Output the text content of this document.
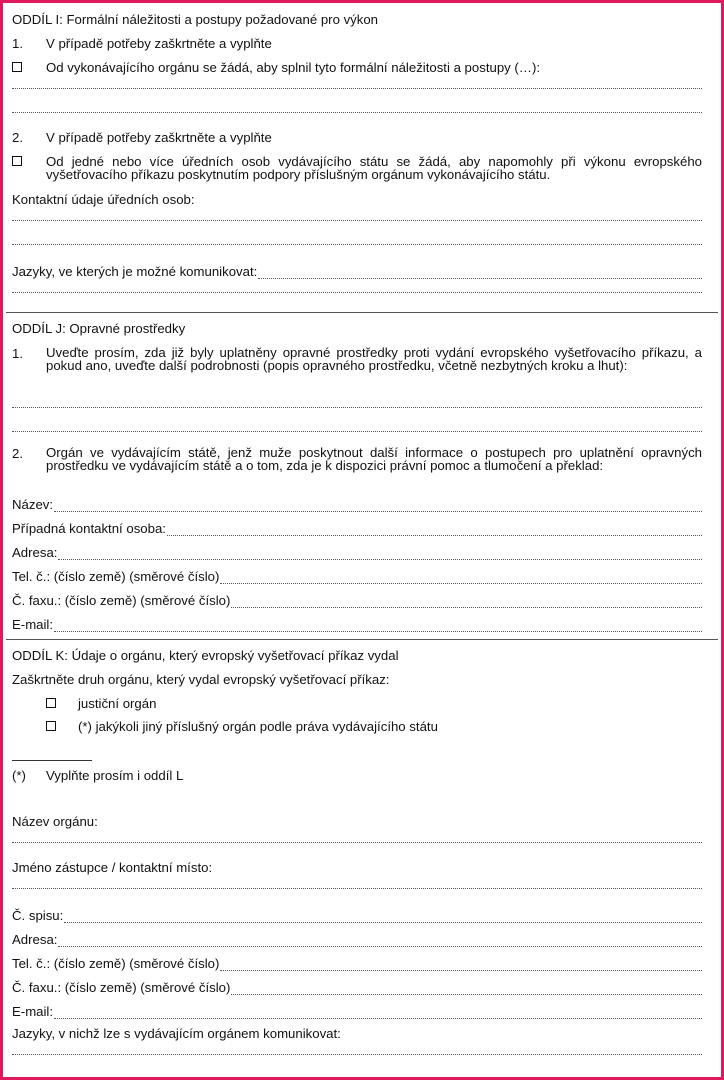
ODDÍL I: Formální náležitosti a postupy požadované pro výkon
1. V případě potřeby zaškrtněte a vyplňte
Od vykonávajícího orgánu se žádá, aby splnil tyto formální náležitosti a postupy (…):
2. V případě potřeby zaškrtněte a vyplňte
Od jedné nebo více úředních osob vydávajícího státu se žádá, aby napomohly při výkonu evropského vyšetřovacího příkazu poskytnutím podpory příslušným orgánum vykonávajícího státu.
Kontaktní údaje úředních osob:
Jazyky, ve kterých je možné komunikovat:
ODDÍL J: Opravné prostředky
1. Uveďte prosím, zda již byly uplatněny opravné prostředky proti vydání evropského vyšetřovacího příkazu, a pokud ano, uveďte další podrobnosti (popis opravného prostředku, včetně nezbytných kroku a lhut):
2. Orgán ve vydávajícím státě, jenž muže poskytnout další informace o postupech pro uplatnění opravných prostředku ve vydávajícím státě a o tom, zda je k dispozici právní pomoc a tlumočení a překlad:
Název:
Případná kontaktní osoba:
Adresa:
Tel. č.: (číslo země) (směrové číslo)
Č. faxu.: (číslo země) (směrové číslo)
E-mail:
ODDÍL K: Údaje o orgánu, který evropský vyšetřovací příkaz vydal
Zaškrtněte druh orgánu, který vydal evropský vyšetřovací příkaz:
justiční orgán
(*) jakýkoli jiný příslušný orgán podle práva vydávajícího státu
(*) Vyplňte prosím i oddíl L
Název orgánu:
Jméno zástupce / kontaktní místo:
Č. spisu:
Adresa:
Tel. č.: (číslo země) (směrové číslo)
Č. faxu.: (číslo země) (směrové číslo)
E-mail:
Jazyky, v nichž lze s vydávajícím orgánem komunikovat:
